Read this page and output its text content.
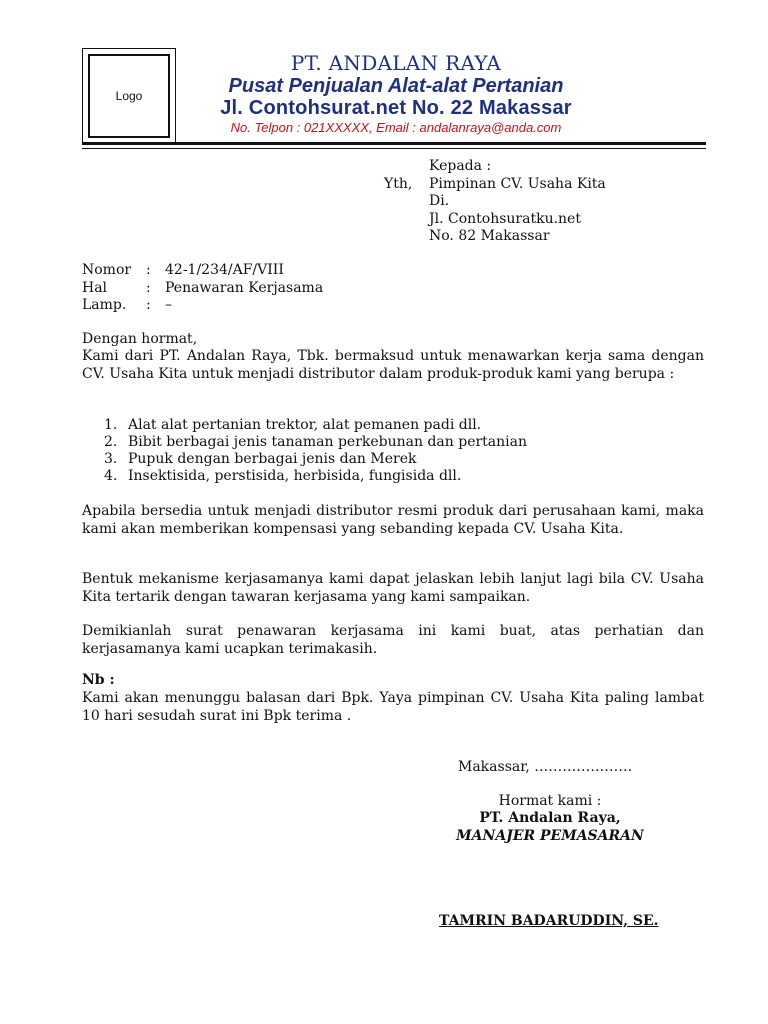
Logo
PT. ANDALAN RAYA
Pusat Penjualan Alat-alat Pertanian
Jl. Contohsurat.net No. 22 Makassar
No. Telpon : 021XXXXX, Email : andalanraya@anda.com
Kepada :
Yth, Pimpinan CV. Usaha Kita
Di.
Jl. Contohsuratku.net
No. 82 Makassar
Nomor : 42-1/234/AF/VIII
Hal	: Penawaran Kerjasama
Lamp. : –
Dengan hormat,
Kami dari PT. Andalan Raya, Tbk. bermaksud untuk menawarkan kerja sama dengan CV. Usaha Kita untuk menjadi distributor dalam produk-produk kami yang berupa :
1. Alat alat pertanian trektor, alat pemanen padi dll.
2. Bibit berbagai jenis tanaman perkebunan dan pertanian
3. Pupuk dengan berbagai jenis dan Merek
4. Insektisida, perstisida, herbisida, fungisida dll.
Apabila bersedia untuk menjadi distributor resmi produk dari perusahaan kami, maka kami akan memberikan kompensasi yang sebanding kepada CV. Usaha Kita.
Bentuk mekanisme kerjasamanya kami dapat jelaskan lebih lanjut lagi bila CV. Usaha Kita tertarik dengan tawaran kerjasama yang kami sampaikan.
Demikianlah surat penawaran kerjasama ini kami buat, atas perhatian dan kerjasamanya kami ucapkan terimakasih.
Nb :
Kami akan menunggu balasan dari Bpk. Yaya pimpinan CV. Usaha Kita paling lambat 10 hari sesudah surat ini Bpk terima .
Makassar, …………………
Hormat kami :
PT. Andalan Raya,
MANAJER PEMASARAN
TAMRIN BADARUDDIN, SE.
